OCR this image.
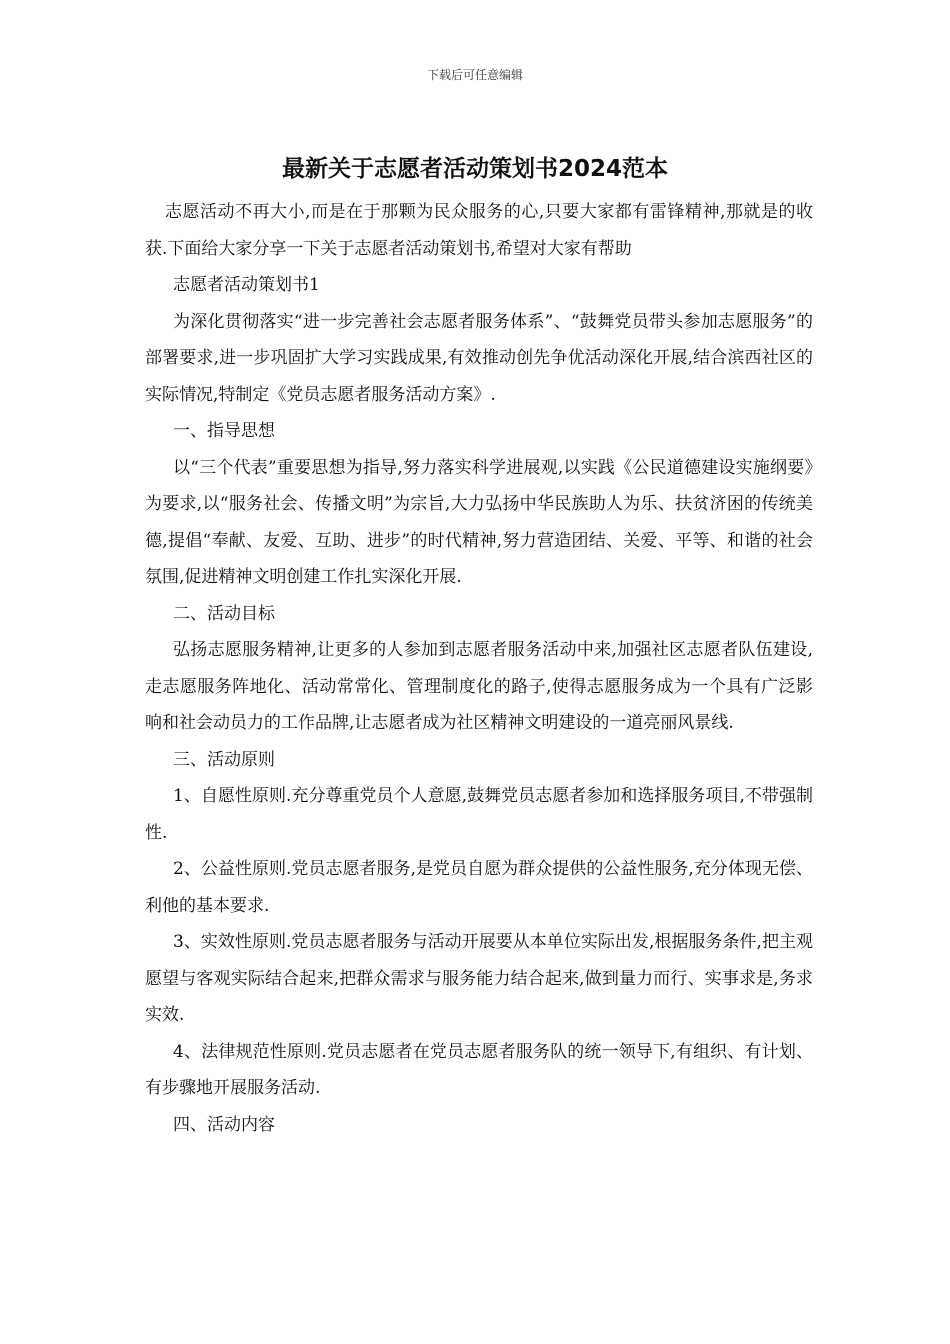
下载后可任意编辑
最新关于志愿者活动策划书2024范本

志愿活动不再大小,而是在于那颗为民众服务的心,只要大家都有雷锋精神,那就是的收获.下面给大家分享一下关于志愿者活动策划书,希望对大家有帮助

志愿者活动策划书1

为深化贯彻落实“进一步完善社会志愿者服务体系”、“鼓舞党员带头参加志愿服务”的部署要求,进一步巩固扩大学习实践成果,有效推动创先争优活动深化开展,结合滨西社区的实际情况,特制定《党员志愿者服务活动方案》.

一、指导思想

以“三个代表”重要思想为指导,努力落实科学进展观,以实践《公民道德建设实施纲要》为要求,以“服务社会、传播文明”为宗旨,大力弘扬中华民族助人为乐、扶贫济困的传统美德,提倡“奉献、友爱、互助、进步”的时代精神,努力营造团结、关爱、平等、和谐的社会氛围,促进精神文明创建工作扎实深化开展.

二、活动目标

弘扬志愿服务精神,让更多的人参加到志愿者服务活动中来,加强社区志愿者队伍建设,走志愿服务阵地化、活动常常化、管理制度化的路子,使得志愿服务成为一个具有广泛影响和社会动员力的工作品牌,让志愿者成为社区精神文明建设的一道亮丽风景线.

三、活动原则

1、自愿性原则.充分尊重党员个人意愿,鼓舞党员志愿者参加和选择服务项目,不带强制性.

2、公益性原则.党员志愿者服务,是党员自愿为群众提供的公益性服务,充分体现无偿、利他的基本要求.

3、实效性原则.党员志愿者服务与活动开展要从本单位实际出发,根据服务条件,把主观愿望与客观实际结合起来,把群众需求与服务能力结合起来,做到量力而行、实事求是,务求实效.

4、法律规范性原则.党员志愿者在党员志愿者服务队的统一领导下,有组织、有计划、有步骤地开展服务活动.

四、活动内容
